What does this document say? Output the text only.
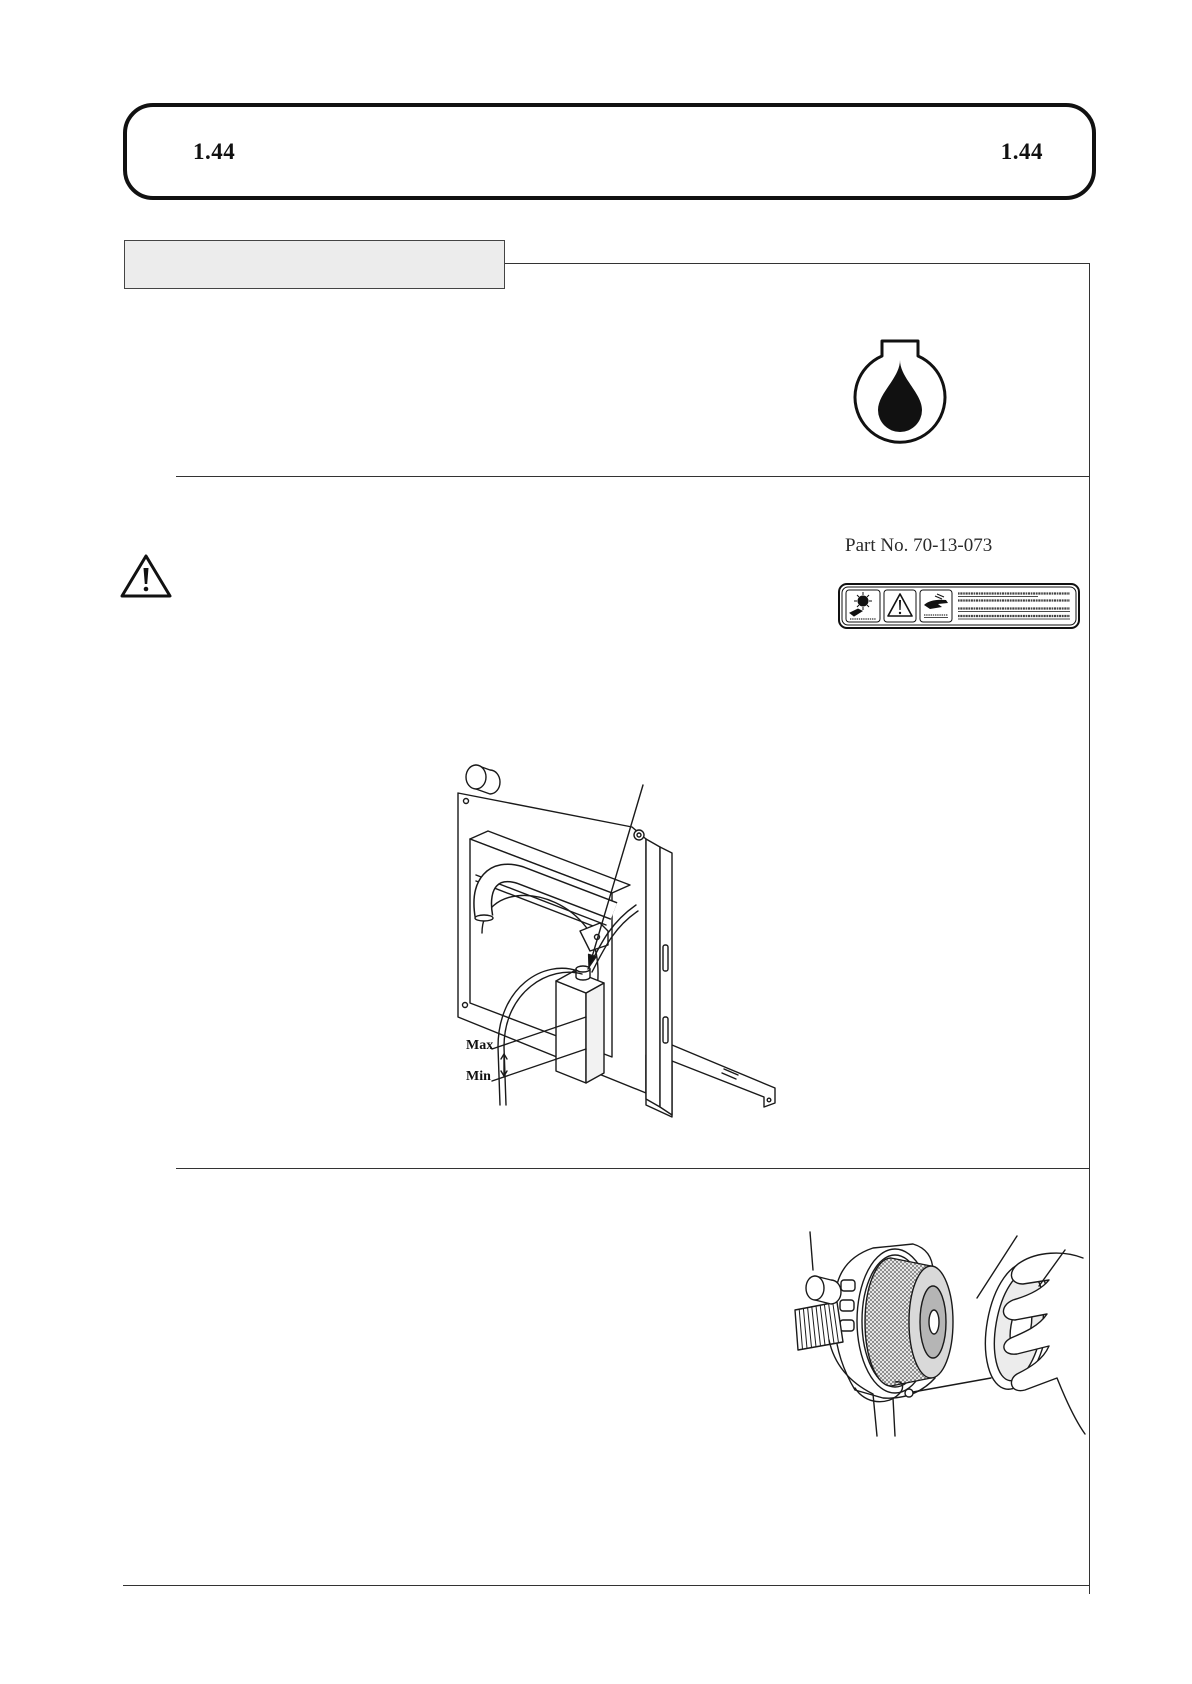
1.44	1.44
Part No. 70-13-073
Max
Min
